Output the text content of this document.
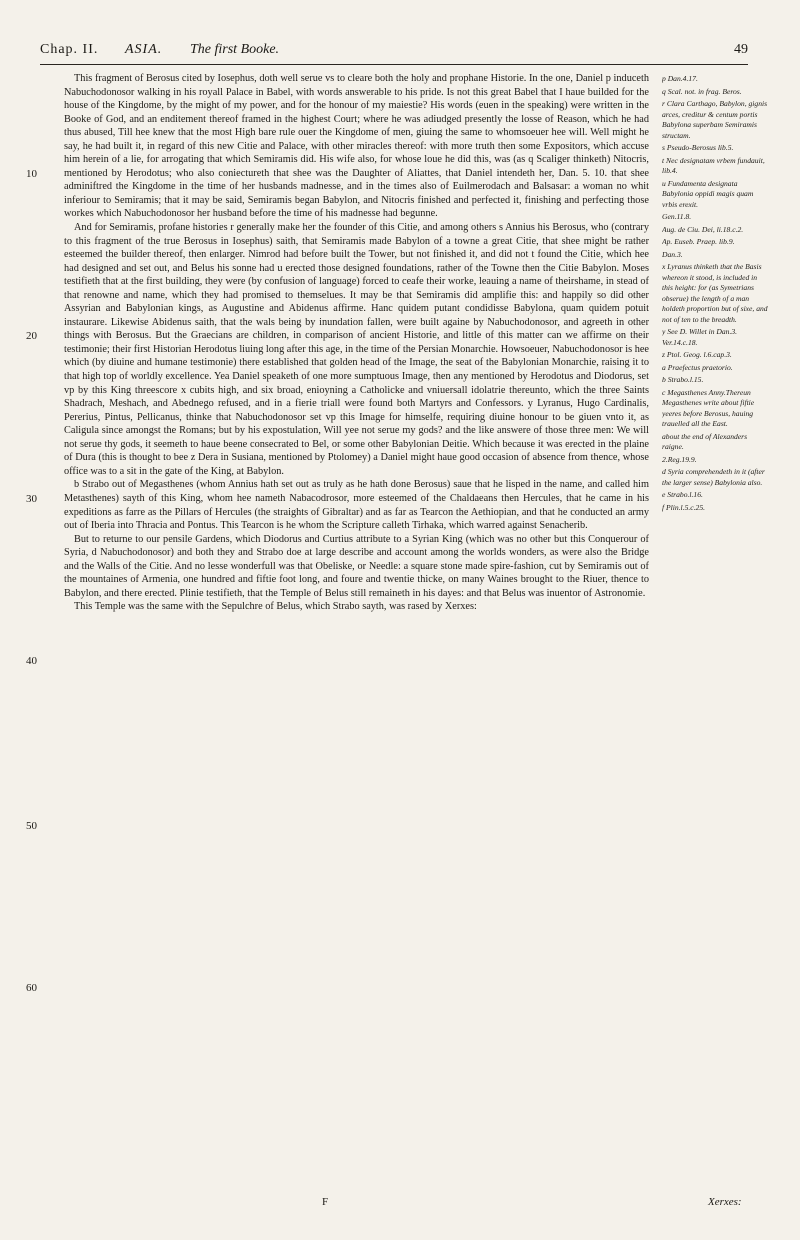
Chap. II. ASIA. The first Booke.	49
10
20
30
40
50
60

This fragment of Berosus cited by Iosephus, doth well serue vs to cleare both the holy and prophane Historie. In the one, Daniel p induceth Nabuchodonosor walking in his royall Palace in Babel, with words answerable to his pride. Is not this great Babel that I haue builded for the house of the Kingdome, by the might of my power, and for the honour of my maiestie? His words (euen in the speaking) were written in the Booke of God, and an enditement thereof framed in the highest Court; where he was adiudged presently the losse of Reason, which he had thus abused, Till hee knew that the most High bare rule ouer the Kingdome of men, giuing the same to whomsoeuer hee will. Well might he say, he had built it, in regard of this new Citie and Palace, with other miracles thereof: with more truth then some Expositors, which accuse him herein of a lie, for arrogating that which Semiramis did. His wife also, for whose loue he did this, was (as q Scaliger thinketh) Nitocris, mentioned by Herodotus; who also coniectureth that shee was the Daughter of Aliattes, that Daniel intendeth her, Dan. 5. 10. that shee adminiftred the Kingdome in the time of her husbands madnesse, and in the times also of Euilmerodach and Balsasar: a woman no whit inferiour to Semiramis; that it may be said, Semiramis began Babylon, and Nitocris finished and perfected it, finishing and perfecting those workes which Nabuchodonosor her husband before the time of his madnesse had begunne.

And for Semiramis, profane histories r generally make her the founder of this Citie, and among others s Annius his Berosus, who (contrary to this fragment of the true Berosus in Iosephus) saith, that Semiramis made Babylon of a towne a great Citie, that shee might be rather esteemed the builder thereof, then enlarger. Nimrod had before built the Tower, but not finished it, and did not t found the Citie, which hee had designed and set out, and Belus his sonne had u erected those designed foundations, rather of the Towne then the Citie Babylon. Moses testifieth that at the first building, they were (by confusion of language) forced to ceafe their worke, leauing a name of theirshame, in stead of that renowne and name, which they had promised to themselues. It may be that Semiramis did amplifie this: and happily so did other Assyrian and Babylonian kings, as Augustine and Abidenus affirme. Hanc quidem putant condidisse Babylona, quam quidem potuit instaurare. Likewise Abidenus saith, that the wals being by inundation fallen, were built againe by Nabuchodonosor, and agreeth in other things with Berosus. But the Graecians are children, in comparison of ancient Historie, and little of this matter can we affirme on their testimonie; their first Historian Herodotus liuing long after this age, in the time of the Persian Monarchie. Howsoeuer, Nabuchodonosor is hee which (by diuine and humane testimonie) there established that golden head of the Image, the seat of the Babylonian Monarchie, raising it to that high top of worldly excellence. Yea Daniel speaketh of one more sumptuous Image, then any mentioned by Herodotus and Diodorus, set vp by this King threescore x cubits high, and six broad, enioyning a Catholicke and vniuersall idolatrie thereunto, which the three Saints Shadrach, Meshach, and Abednego refused, and in a fierie triall were found both Martyrs and Confessors. y Lyranus, Hugo Cardinalis, Pererius, Pintus, Pellicanus, thinke that Nabuchodonosor set vp this Image for himselfe, requiring diuine honour to be giuen vnto it, as Caligula since amongst the Romans; but by his expostulation, Will yee not serue my gods? and the like answere of those three men: We will not serue thy gods, it seemeth to haue beene consecrated to Bel, or some other Babylonian Deitie. Which because it was erected in the plaine of Dura (this is thought to bee z Dera in Susiana, mentioned by Ptolomey) a Daniel might haue good occasion of absence from thence, whose office was to a sit in the gate of the King, at Babylon.

b Strabo out of Megasthenes (whom Annius hath set out as truly as he hath done Berosus) saue that he lisped in the name, and called him Metasthenes) sayth of this King, whom hee nameth Nabacodrosor, more esteemed of the Chaldaeans then Hercules, that he came in his expeditions as farre as the Pillars of Hercules (the straights of Gibraltar) and as far as Tearcon the Aethiopian, and that he conducted an army out of Iberia into Thracia and Pontus. This Tearcon is he whom the Scripture calleth Tirhaka, which warred against Senacherib.

But to returne to our pensile Gardens, which Diodorus and Curtius attribute to a Syrian King (which was no other but this Conquerour of Syria, d Nabuchodonosor) and both they and Strabo doe at large describe and account among the worlds wonders, as were also the Bridge and the Walls of the Citie. And no lesse wonderfull was that Obeliske, or Needle: a square stone made spire-fashion, cut by Semiramis out of the mountaines of Armenia, one hundred and fiftie foot long, and foure and twentie thicke, on many Waines brought to the Riuer, thence to Babylon, and there erected. Plinie testifieth, that the Temple of Belus still remaineth in his dayes: and that Belus was inuentor of Astronomie.

This Temple was the same with the Sepulchre of Belus, which Strabo sayth, was rased by Xerxes:

p Dan.4.17.
q Scal. not. in frag. Beros.
r Clara Carthago, Babylon, gignis arces, creditur & centum portis Babylona superbam Semiramis structam.
s Pseudo-Berosus lib.5.
t Nec designatam vrbem fundauit, lib.4.
u Fundamenta designata Babylonia oppidi magis quam vrbis erexit.
Gen.11.8.
Aug. de Ciu. Dei, li.18.c.2.
Ap. Euseb. Praep. lib.9.
Dan.3.
x Lyranus thinketh that the Basis whereon it stood, is included in this height: for (as Symetrians obserue) the length of a man holdeth proportion but of sixe, and not of ten to the breadth.
y See D. Willet in Dan.3. Ver.14.c.18.
z Ptol. Geog. l.6.cap.3.
a Praefectus praetorio.
b Strabo.l.15.
c Megasthenes Anny.Thereun Megasthenes write about fiftie yeeres before Berosus, hauing trauelled all the East.
about the end of Alexanders raigne.
2.Reg.19.9.
d Syria comprehendeth in it (after the larger sense) Babylonia also.
e Strabo.l.16.
f Plin.l.5.c.25.
F	Xerxes:
